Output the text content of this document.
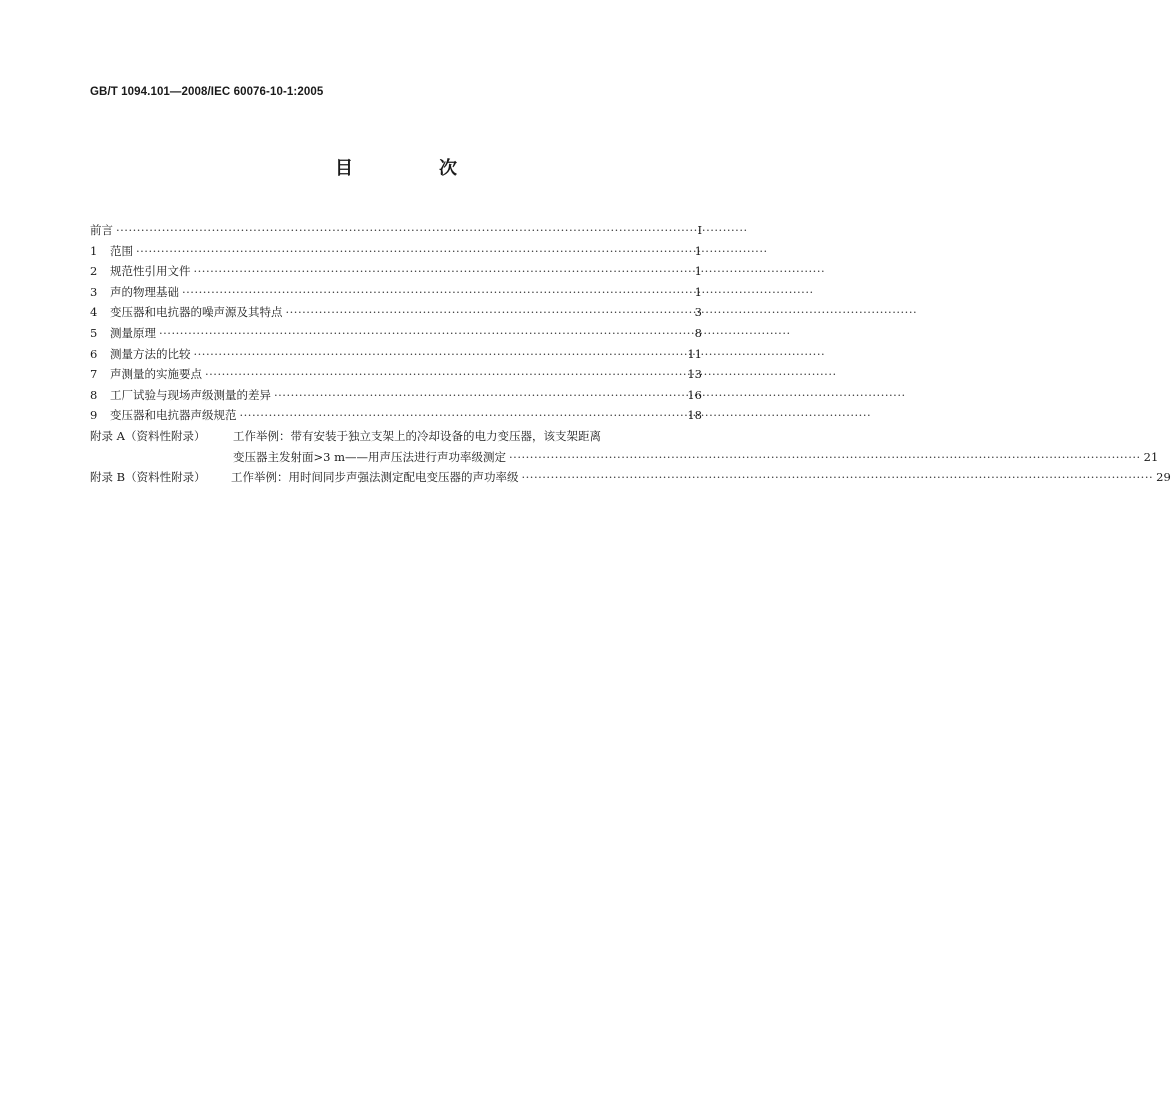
GB/T 1094.101—2008/IEC 60076-10-1:2005
目　次
前言 ·····	Ⅰ
1	范围 ·····	1
2	规范性引用文件 ·····	1
3	声的物理基础 ·····	1
4	变压器和电抗器的噪声源及其特点 ·····	3
5	测量原理 ·····	8
6	测量方法的比较 ·····	11
7	声测量的实施要点 ·····	13
8	工厂试验与现场声级测量的差异 ·····	16
9	变压器和电抗器声级规范 ·····	18
附录 A（资料性附录）	工作举例：带有安装于独立支架上的冷却设备的电力变压器，该支架距离
变压器主发射面>3 m——用声压法进行声功率级测定 ·····	21
附录 B（资料性附录）	工作举例：用时间同步声强法测定配电变压器的声功率级 ·····	29
